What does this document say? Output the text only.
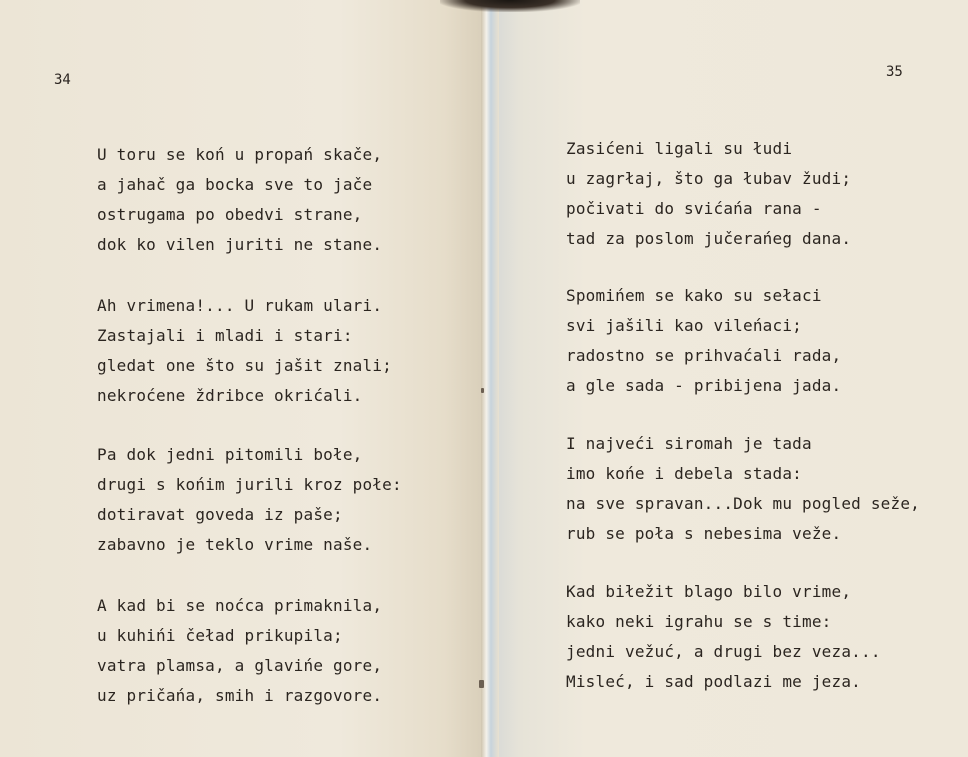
34	35
U toru se koń u propań skače,
a jahač ga bocka sve to jače
ostrugama po obedvi strane,
dok ko vilen juriti ne stane.
Ah vrimena!... U rukam ulari.
Zastajali i mladi i stari:
gledat one što su jašit znali;
nekroćene ždribce okrićali.
Pa dok jedni pitomili bołe,
drugi s końim jurili kroz połe:
dotiravat goveda iz paše;
zabavno je teklo vrime naše.
A kad bi se noćca primaknila,
u kuhińi čeład prikupila;
vatra plamsa, a glavińe gore,
uz pričańa, smih i razgovore.
Zasićeni ligali su łudi
u zagrłaj, što ga łubav žudi;
počivati do svićańa rana -
tad za poslom jučerańeg dana.
Spomińem se kako su sełaci
svi jašili kao vileńaci;
radostno se prihvaćali rada,
a gle sada - pribijena jada.
I najveći siromah je tada
imo końe i debela stada:
na sve spravan...Dok mu pogled seže,
rub se poła s nebesima veže.
Kad biłežit blago bilo vrime,
kako neki igrahu se s time:
jedni vežuć, a drugi bez veza...
Misleć, i sad podlazi me jeza.
